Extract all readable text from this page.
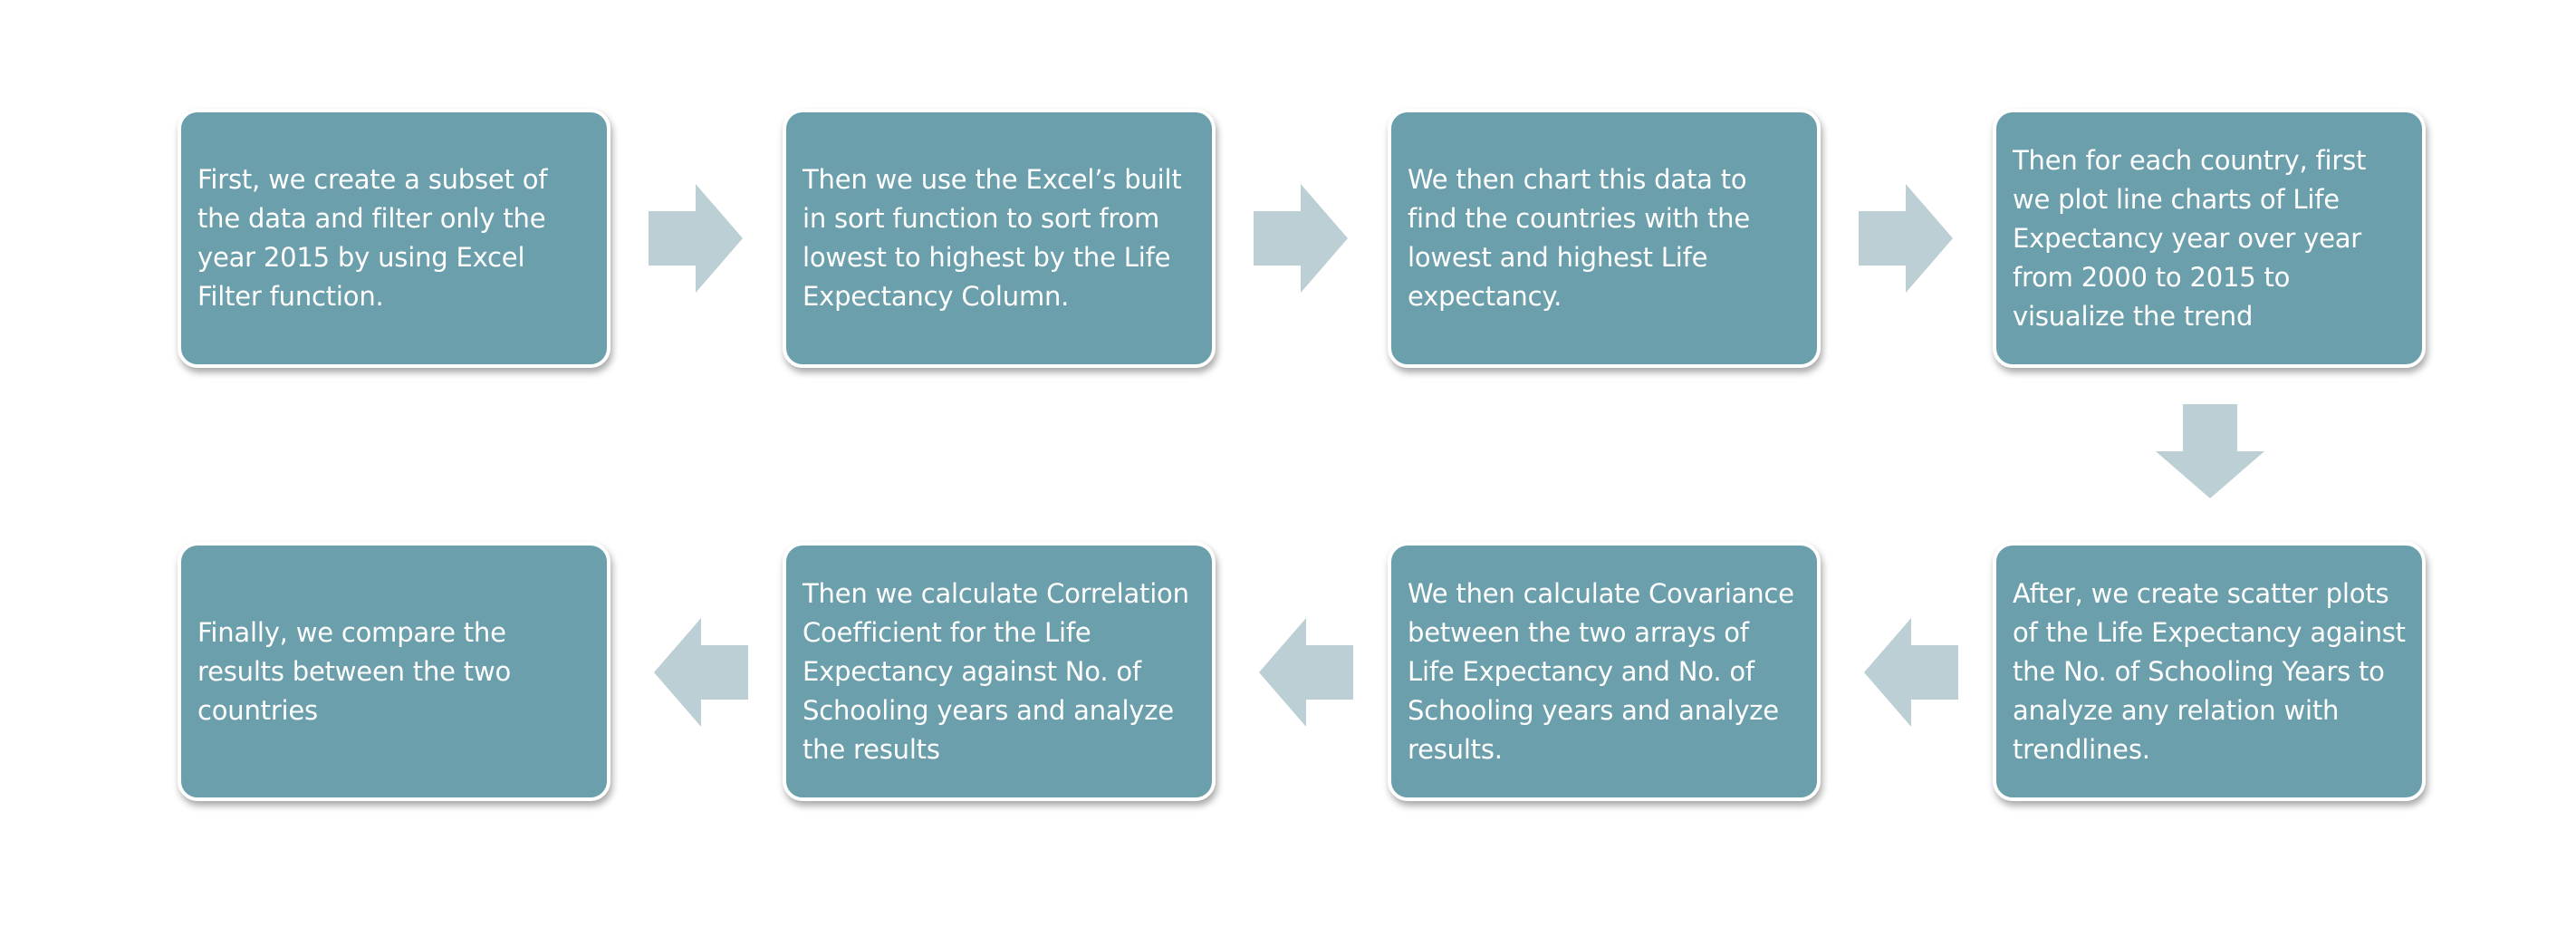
First, we create a subset of the data and filter only the year 2015 by using Excel Filter function.
Then we use the Excel’s built in sort function to sort from lowest to highest by the Life Expectancy Column.
We then chart this data to find the countries with the lowest and highest Life expectancy.
Then for each country, first we plot line charts of Life Expectancy year over year from 2000 to 2015 to visualize the trend
After, we create scatter plots of the Life Expectancy against the No. of Schooling Years to analyze any relation with trendlines.
We then calculate Covariance between the two arrays of Life Expectancy and No. of Schooling years and analyze results.
Then we calculate Correlation Coefficient for the Life Expectancy against No. of Schooling years and analyze the results
Finally, we compare the results between the two countries
